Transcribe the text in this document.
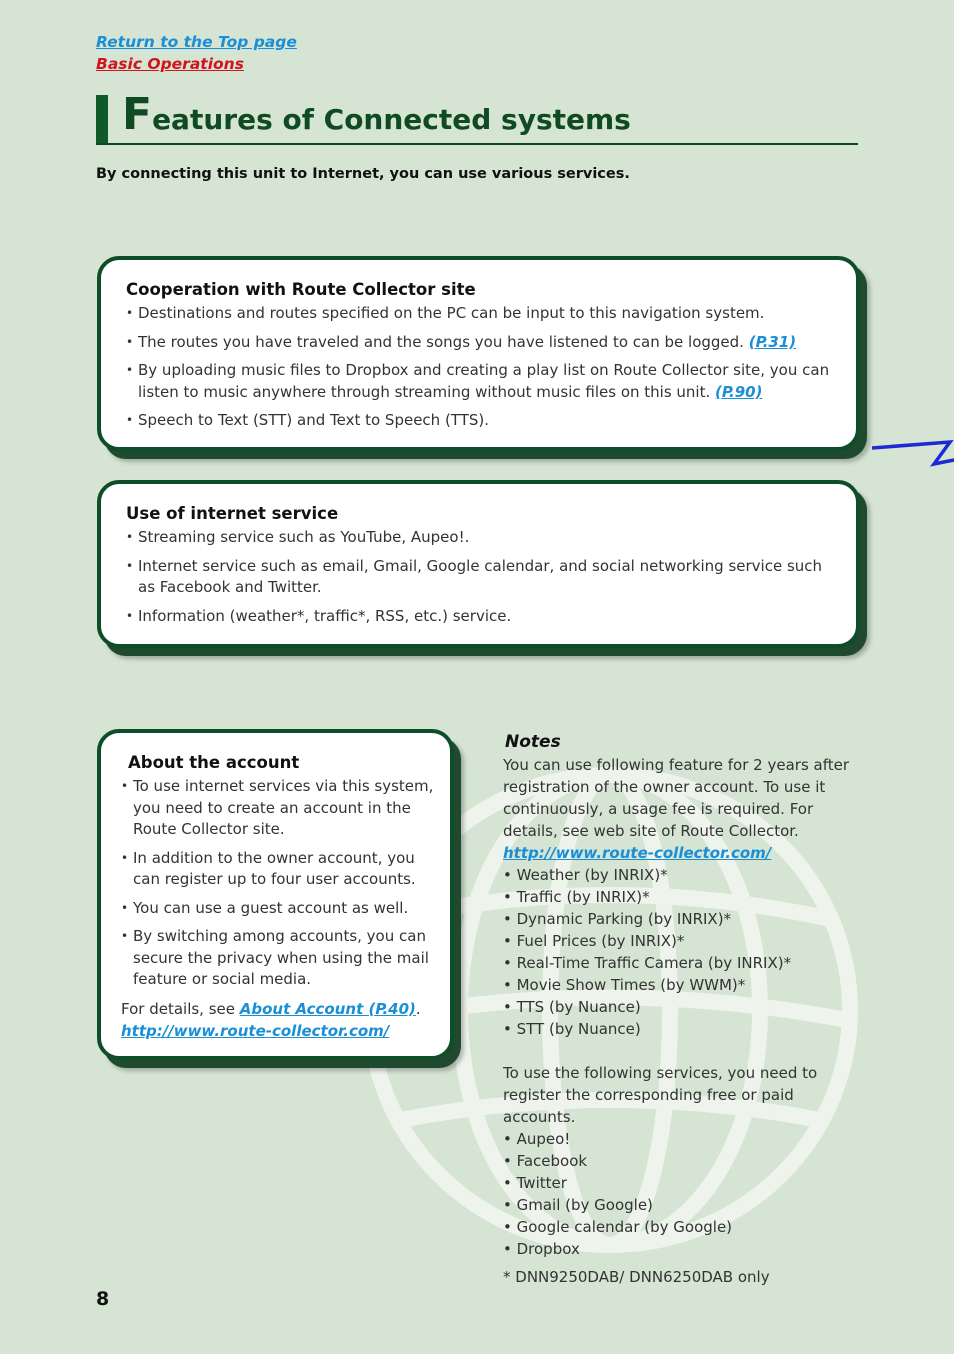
Return to the Top page
Basic Operations
Features of Connected systems
By connecting this unit to Internet, you can use various services.
Cooperation with Route Collector site
• Destinations and routes specified on the PC can be input to this navigation system.
• The routes you have traveled and the songs you have listened to can be logged. (P.31)
• By uploading music files to Dropbox and creating a play list on Route Collector site, you can listen to music anywhere through streaming without music files on this unit. (P.90)
• Speech to Text (STT) and Text to Speech (TTS).
Use of internet service
• Streaming service such as YouTube, Aupeo!.
• Internet service such as email, Gmail, Google calendar, and social networking service such as Facebook and Twitter.
• Information (weather*, traffic*, RSS, etc.) service.
About the account
• To use internet services via this system, you need to create an account in the Route Collector site.
• In addition to the owner account, you can register up to four user accounts.
• You can use a guest account as well.
• By switching among accounts, you can secure the privacy when using the mail feature or social media.
For details, see About Account (P.40).
http://www.route-collector.com/
Notes

You can use following feature for 2 years after registration of the owner account. To use it continuously, a usage fee is required. For details, see web site of Route Collector.

http://www.route-collector.com/
• Weather (by INRIX)*
• Traffic (by INRIX)*
• Dynamic Parking (by INRIX)*
• Fuel Prices (by INRIX)*
• Real-Time Traffic Camera (by INRIX)*
• Movie Show Times (by WWM)*
• TTS (by Nuance)
• STT (by Nuance)

To use the following services, you need to register the corresponding free or paid accounts.

• Aupeo!
• Facebook
• Twitter
• Gmail (by Google)
• Google calendar (by Google)
• Dropbox

* DNN9250DAB/ DNN6250DAB only

8
